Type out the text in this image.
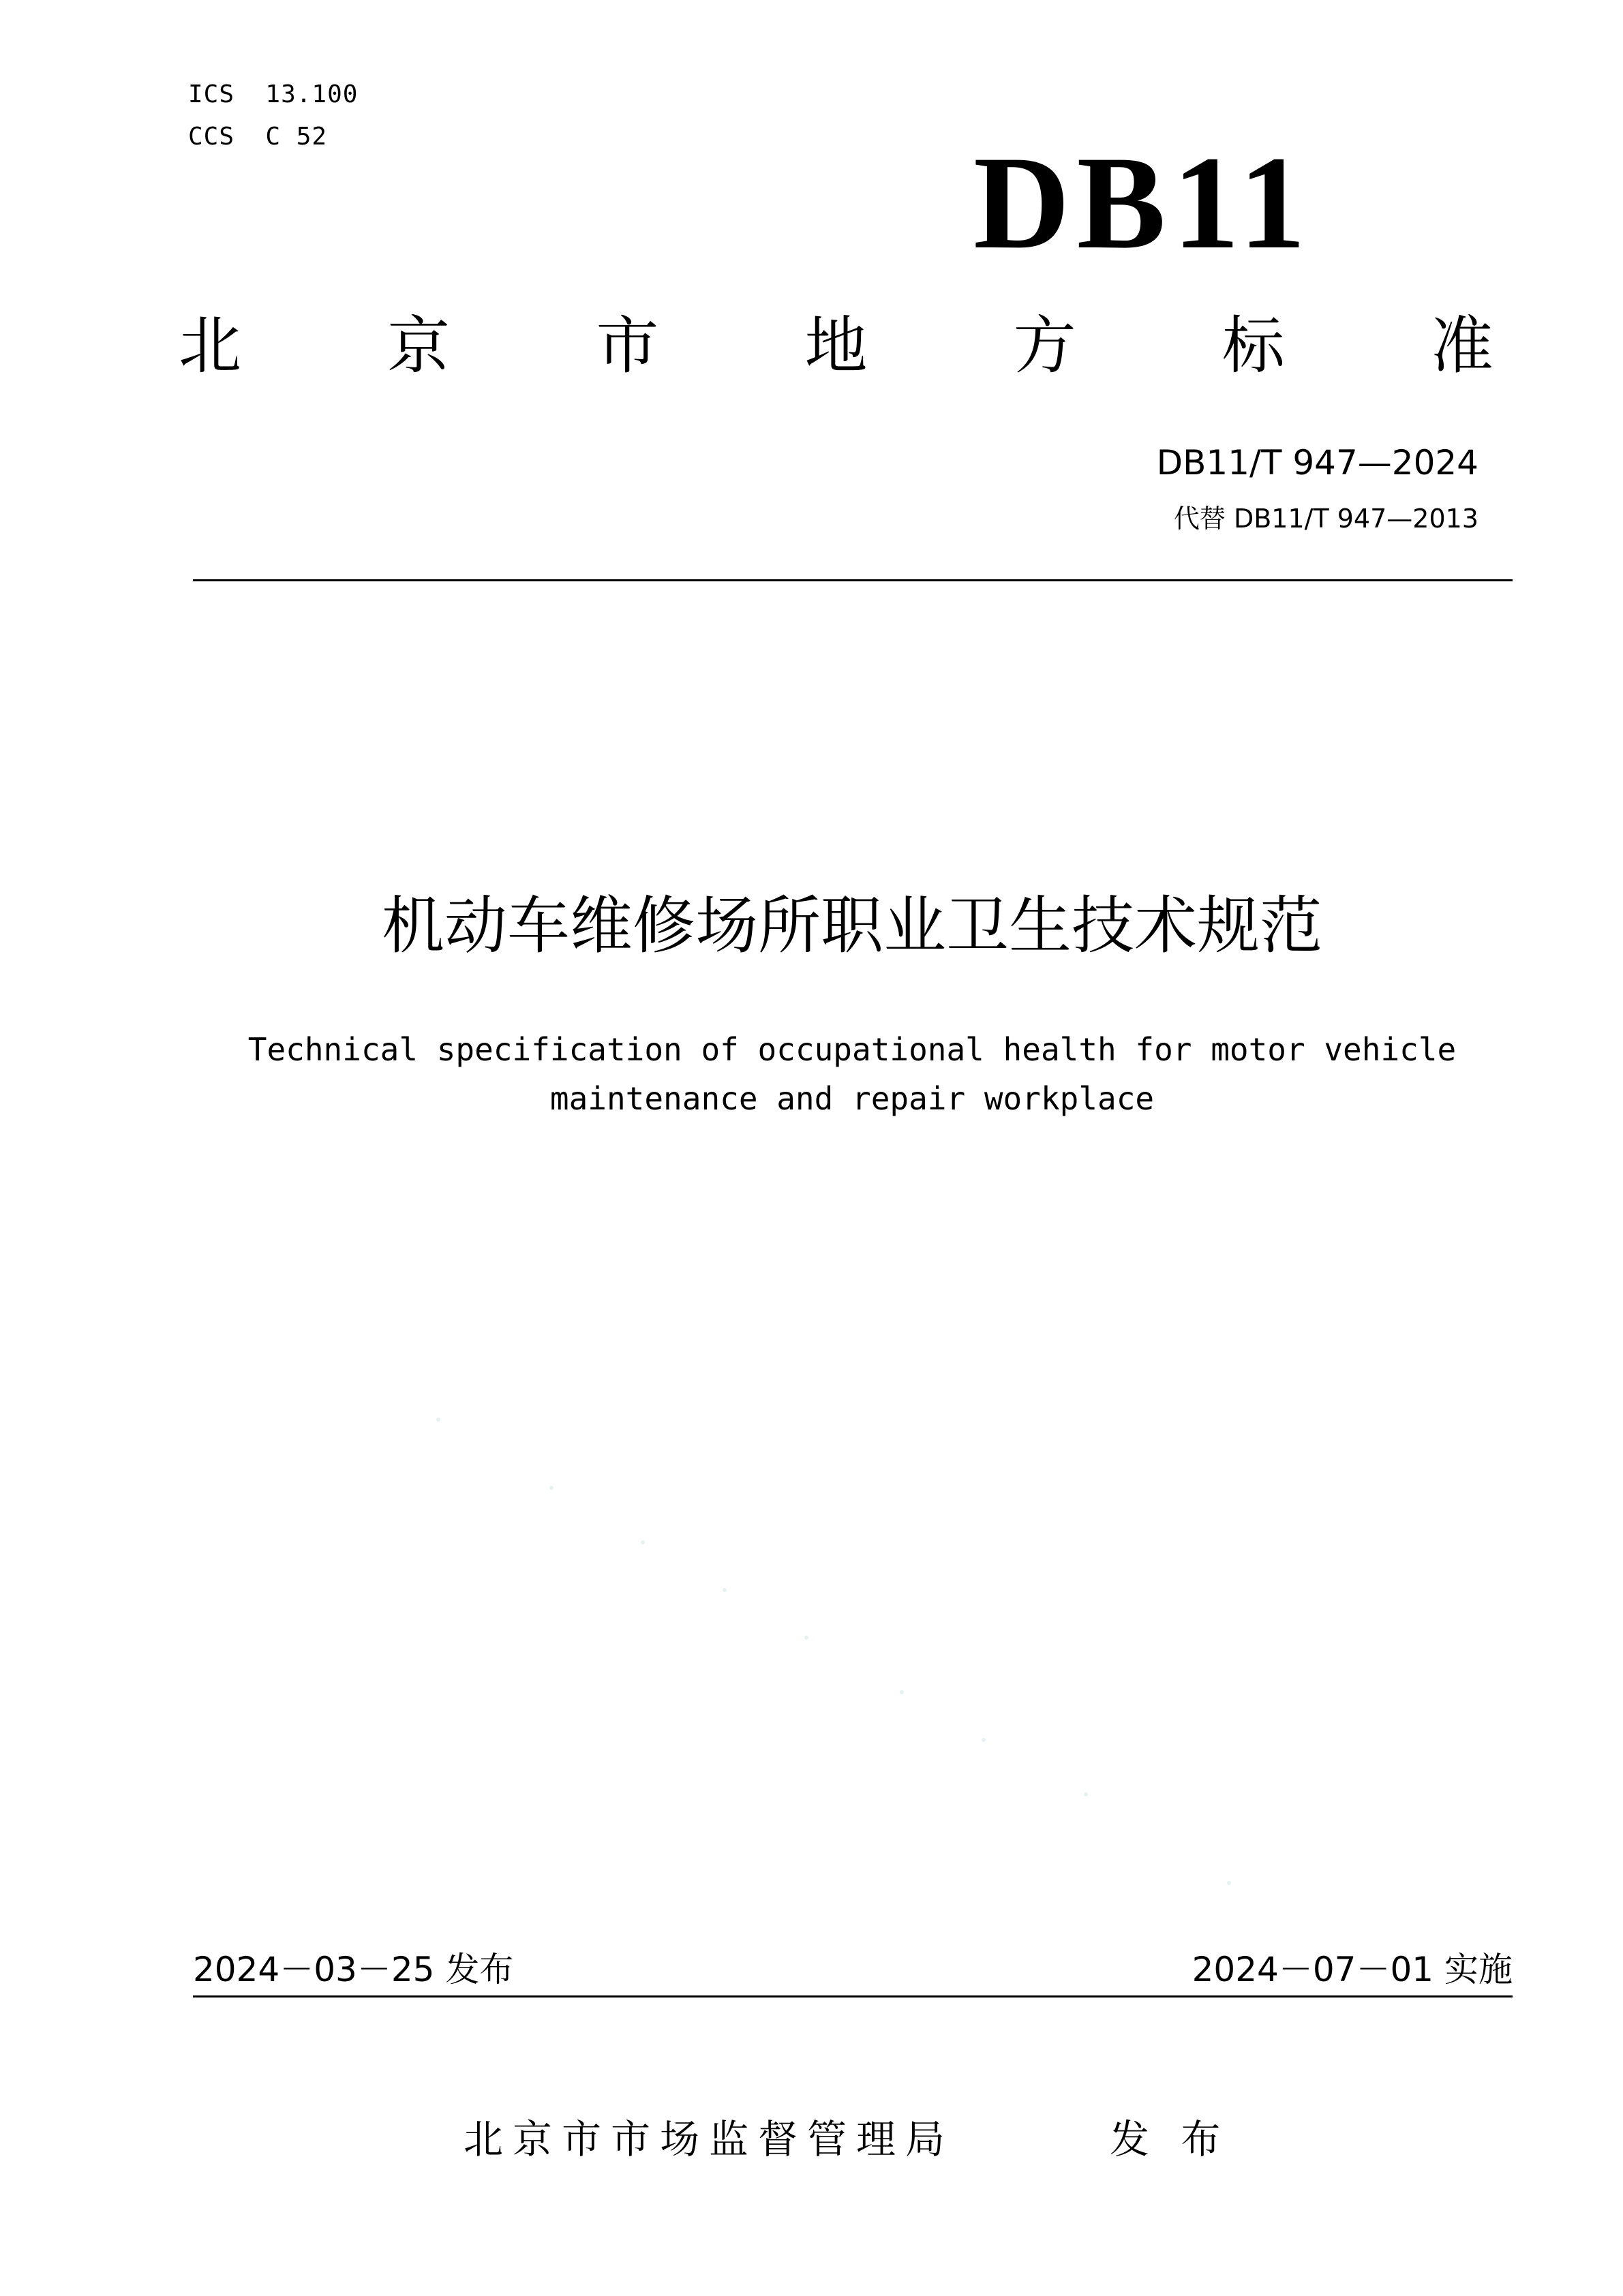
ICS 13.100
CCS C 52	DB11
北 京 市 地 方 标 准
DB11/T 947—2024
代替 DB11/T 947—2013
机动车维修场所职业卫生技术规范
Technical specification of occupational health for motor vehicle
maintenance and repair workplace
2024－03－25 发布	2024－07－01 实施
北京市市场监督管理局	发 布
